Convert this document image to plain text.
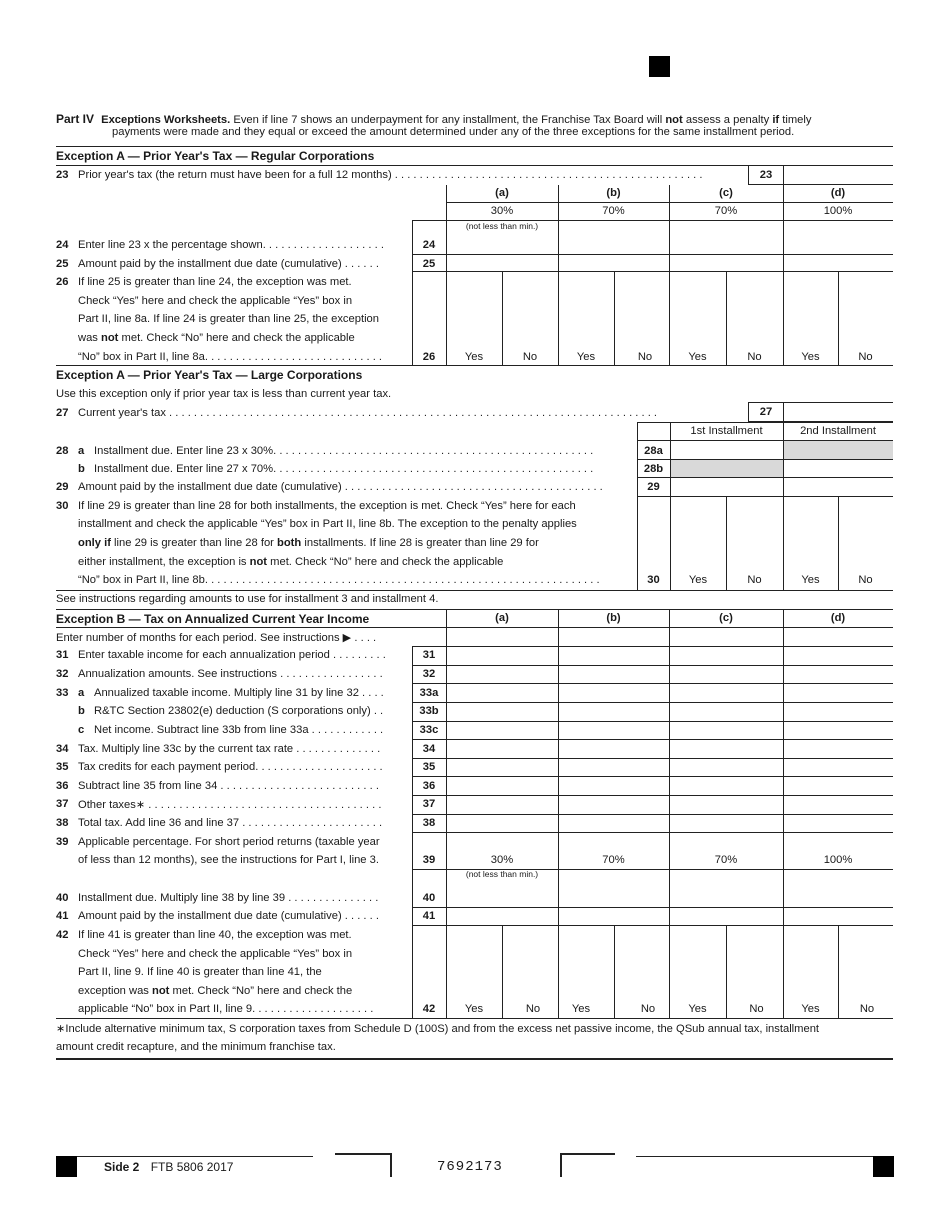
Part IV Exceptions Worksheets. Even if line 7 shows an underpayment for any installment, the Franchise Tax Board will not assess a penalty if timely
payments were made and they equal or exceed the amount determined under any of the three exceptions for the same installment period.
Exception A — Prior Year's Tax — Regular Corporations
23 Prior year's tax (the return must have been for a full 12 months) . . . . . . . . . . . . . . . . . . . . . . . . . . . . . . . . . . . . . . . . . . . . . . . . . .	23
(a)	(b)	(c)	(d)
30%	70%	70%	100%
(not less than min.)
24 Enter line 23 x the percentage shown. . . . . . . . . . . . . . . . . . . .	24
25 Amount paid by the installment due date (cumulative) . . . . . .	25
26 If line 25 is greater than line 24, the exception was met.
Check “Yes” here and check the applicable “Yes” box in
Part II, line 8a. If line 24 is greater than line 25, the exception
was not met. Check “No” here and check the applicable
“No” box in Part II, line 8a. . . . . . . . . . . . . . . . . . . . . . . . . . . . .	26	Yes	No	Yes	No	Yes	No	Yes	No
Exception A — Prior Year's Tax — Large Corporations
Use this exception only if prior year tax is less than current year tax.
27 Current year's tax . . . . . . . . . . . . . . . . . . . . . . . . . . . . . . . . . . . . . . . . . . . . . . . . . . . . . . . . . . . . . . . . . . . . . . . . . . . . . . .	27
1st Installment	2nd Installment
28 a Installment due. Enter line 23 x 30%. . . . . . . . . . . . . . . . . . . . . . . . . . . . . . . . . . . . . . . . . . . . . . . . . . . .	28a
b Installment due. Enter line 27 x 70%. . . . . . . . . . . . . . . . . . . . . . . . . . . . . . . . . . . . . . . . . . . . . . . . . . . .	28b
29 Amount paid by the installment due date (cumulative) . . . . . . . . . . . . . . . . . . . . . . . . . . . . . . . . . . . . . . . . . .	29
30 If line 29 is greater than line 28 for both installments, the exception is met. Check “Yes” here for each
installment and check the applicable “Yes” box in Part II, line 8b. The exception to the penalty applies
only if line 29 is greater than line 28 for both installments. If line 28 is greater than line 29 for
either installment, the exception is not met. Check “No” here and check the applicable
“No” box in Part II, line 8b. . . . . . . . . . . . . . . . . . . . . . . . . . . . . . . . . . . . . . . . . . . . . . . . . . . . . . . . . . . . . . . .	30	Yes	No	Yes	No
See instructions regarding amounts to use for installment 3 and installment 4.
Exception B — Tax on Annualized Current Year Income	(a)	(b)	(c)	(d)
Enter number of months for each period. See instructions ▶ . . . .
31 Enter taxable income for each annualization period . . . . . . . . .	31
32 Annualization amounts. See instructions . . . . . . . . . . . . . . . . .	32
33 a Annualized taxable income. Multiply line 31 by line 32 . . . .	33a
b R&TC Section 23802(e) deduction (S corporations only) . .	33b
c Net income. Subtract line 33b from line 33a . . . . . . . . . . . .	33c
34 Tax. Multiply line 33c by the current tax rate . . . . . . . . . . . . . .	34
35 Tax credits for each payment period. . . . . . . . . . . . . . . . . . . . .	35
36 Subtract line 35 from line 34 . . . . . . . . . . . . . . . . . . . . . . . . . .	36
37 Other taxes∗ . . . . . . . . . . . . . . . . . . . . . . . . . . . . . . . . . . . . . .	37
38 Total tax. Add line 36 and line 37 . . . . . . . . . . . . . . . . . . . . . . .	38
39 Applicable percentage. For short period returns (taxable year
of less than 12 months), see the instructions for Part I, line 3.	39	30%	70%	70%	100%
(not less than min.)
40 Installment due. Multiply line 38 by line 39 . . . . . . . . . . . . . . .	40
41 Amount paid by the installment due date (cumulative) . . . . . .	41
42 If line 41 is greater than line 40, the exception was met.
Check “Yes” here and check the applicable “Yes” box in
Part II, line 9. If line 40 is greater than line 41, the
exception was not met. Check “No” here and check the
applicable “No” box in Part II, line 9. . . . . . . . . . . . . . . . . . . .	42	Yes	No	Yes	No	Yes	No	Yes	No
∗Include alternative minimum tax, S corporation taxes from Schedule D (100S) and from the excess net passive income, the QSub annual tax, installment
amount credit recapture, and the minimum franchise tax.
Side 2 FTB 5806 2017	7692173
